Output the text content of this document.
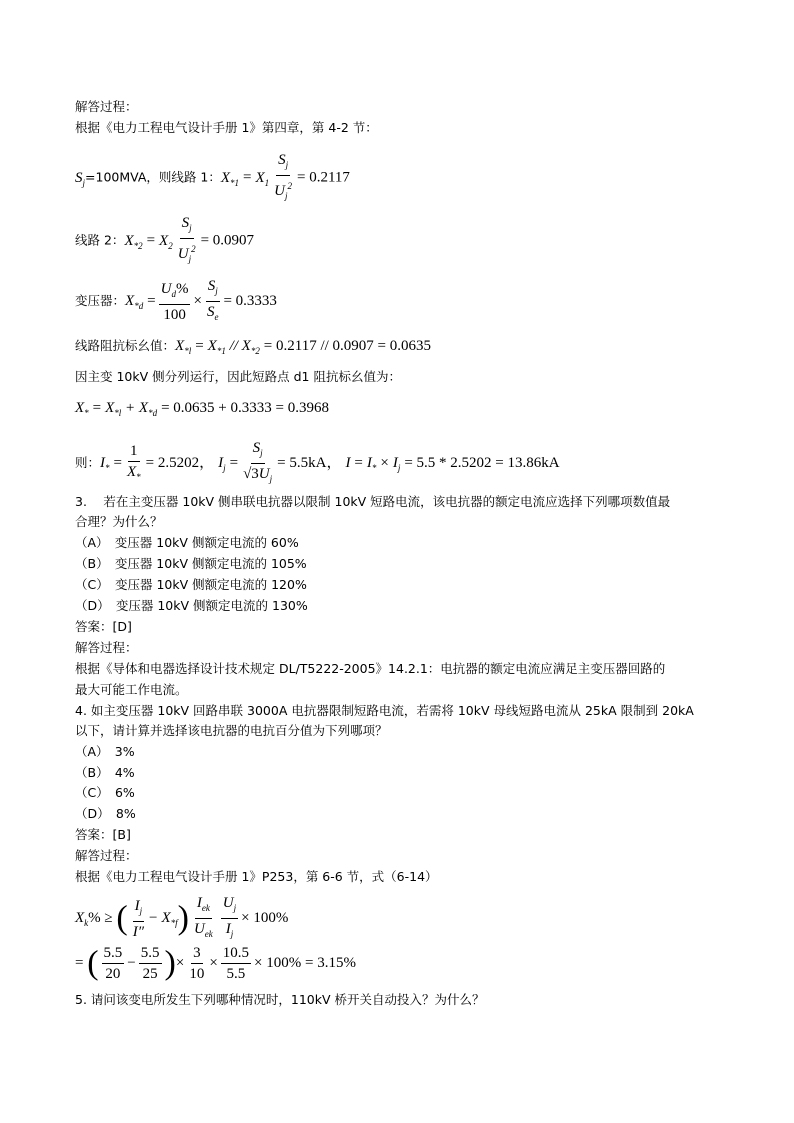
解答过程：
根据《电力工程电气设计手册 1》第四章，第 4-2 节：
$S_j=100MVA$，则线路 1：$X_{*1} = X_1 \frac{S_j}{U_j^2} = 0.2117$
线路 2：$X_{*2} = X_2 \frac{S_j}{U_j^2} = 0.0907$
变压器：$X_{*d} = \frac{U_d\%}{100} \times \frac{S_j}{S_e} = 0.3333$
线路阻抗标幺值：$X_{*l} = X_{*1} // X_{*2} = 0.2117 // 0.0907 = 0.0635$
因主变 10kV 侧分列运行，因此短路点 d1 阻抗标幺值为：
$X_* = X_{*l} + X_{*d} = 0.0635 + 0.3333 = 0.3968$
则：$I_* = \frac{1}{X_*} = 2.5202$， $I_j = \frac{S_j}{√3U_j} = 5.5kA$， $I = I_* \times I_j = 5.5 * 2.5202 = 13.86kA$
3.　 若在主变压器 10kV 侧串联电抗器以限制 10kV 短路电流，该电抗器的额定电流应选择下列哪项数值最
合理？为什么？
（A）　变压器 10kV 侧额定电流的 60%
（B）　变压器 10kV 侧额定电流的 105%
（C）　变压器 10kV 侧额定电流的 120%
（D）　变压器 10kV 侧额定电流的 130%
答案：[D]
解答过程：
根据《导体和电器选择设计技术规定 DL/T5222-2005》14.2.1：电抗器的额定电流应满足主变压器回路的
最大可能工作电流。
4. 如主变压器 10kV 回路串联 3000A 电抗器限制短路电流，若需将 10kV 母线短路电流从 25kA 限制到 20kA
以下，请计算并选择该电抗器的电抗百分值为下列哪项？
（A）　3%
（B）　4%
（C）　6%
（D）　8%
答案：[B]
解答过程：
根据《电力工程电气设计手册 1》P253，第 6-6 节，式（6-14）
$X_k\%$ ≥ ( $\frac{I_j}{I''} - X_{*f}) \frac{I_{ek}}{U_{ek}} \frac{U_j}{I_j} \times 100\%$
= ( $\frac{5.5}{20} - \frac{5.5}{25}$ )× $\frac{3}{10} \times \frac{10.5}{5.5} \times 100\% = 3.15\%$
5. 请问该变电所发生下列哪种情况时，110kV 桥开关自动投入？为什么？
